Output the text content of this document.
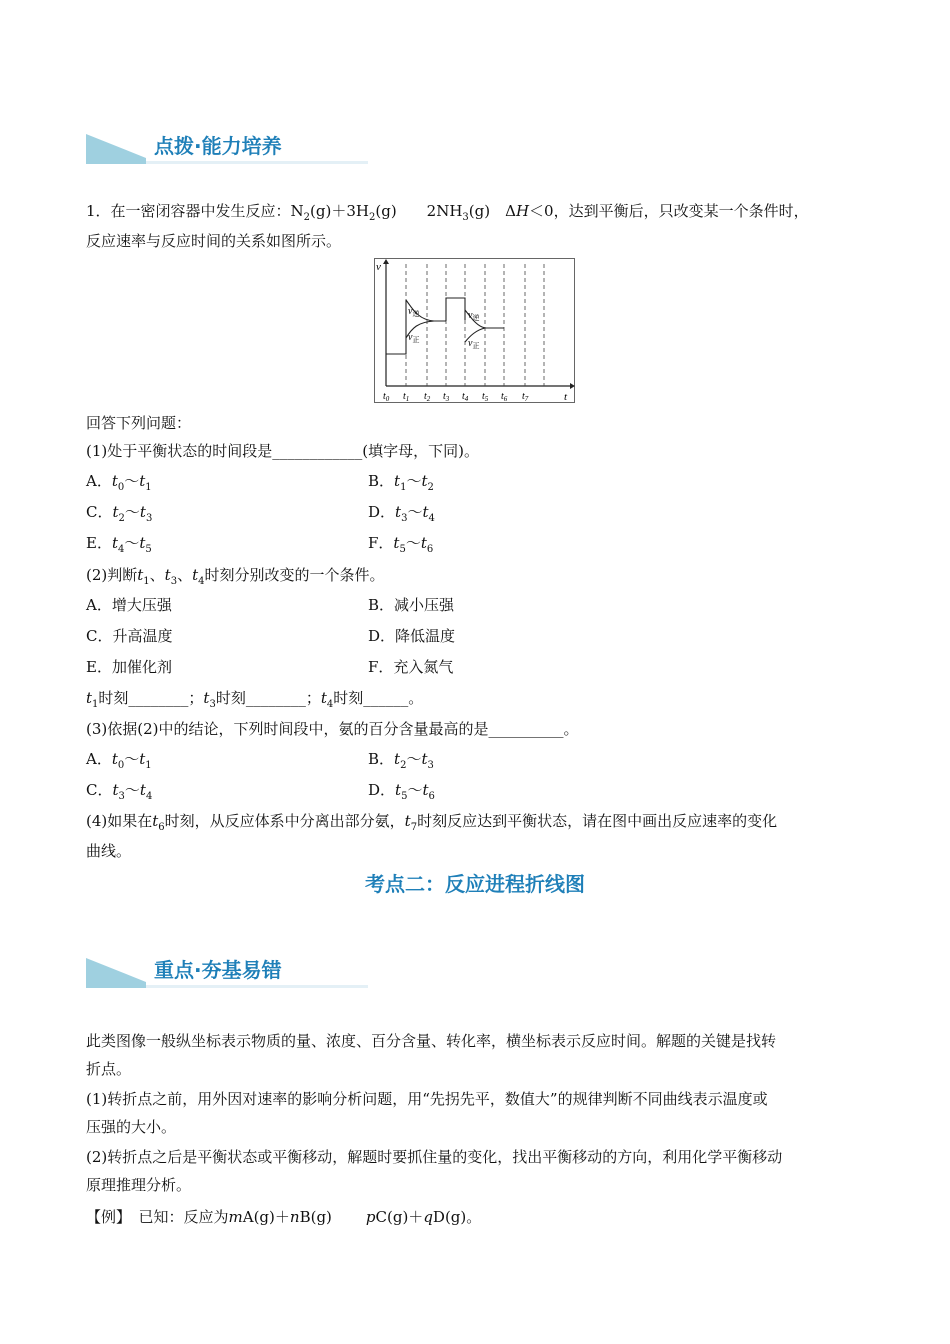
点拨·能力培养
1．在一密闭容器中发生反应：$N_2(g)+3H_2(g)$ $2NH_3(g)$　ΔH＜0，达到平衡后，只改变某一个条件时，
反应速率与反应时间的关系如图所示。
v
t
$t_0$ $t_1$ $t_2$ $t_3$ $t_4$ $t_5$ $t_6$ $t_7$
$v_逆$
$v_正$
$v_逆$
$v_正$
回答下列问题：
(1)处于平衡状态的时间段是____________(填字母，下同)。
A．$t_0\sim t_1$	B．$t_1\sim t_2$
C．$t_2\sim t_3$	D．$t_3\sim t_4$
E．$t_4\sim t_5$	F．$t_5\sim t_6$
(2)判断$t_1$、$t_3$、$t_4$时刻分别改变的一个条件。
A．增大压强	B．减小压强
C．升高温度	D．降低温度
E．加催化剂	F．充入氮气
$t_1$时刻________；$t_3$时刻________；$t_4$时刻______。
(3)依据(2)中的结论，下列时间段中，氨的百分含量最高的是__________。
A．$t_0\sim t_1$	B．$t_2\sim t_3$
C．$t_3\sim t_4$	D．$t_5\sim t_6$
(4)如果在$t_6$时刻，从反应体系中分离出部分氨，$t_7$时刻反应达到平衡状态，请在图中画出反应速率的变化
曲线。
考点二：反应进程折线图
重点·夯基易错
此类图像一般纵坐标表示物质的量、浓度、百分含量、转化率，横坐标表示反应时间。解题的关键是找转
折点。
(1)转折点之前，用外因对速率的影响分析问题，用“先拐先平，数值大”的规律判断不同曲线表示温度或
压强的大小。
(2)转折点之后是平衡状态或平衡移动，解题时要抓住量的变化，找出平衡移动的方向，利用化学平衡移动
原理推理分析。
【例】　已知：反应为mA(g)＋nB(g) pC(g)＋qD(g)。
